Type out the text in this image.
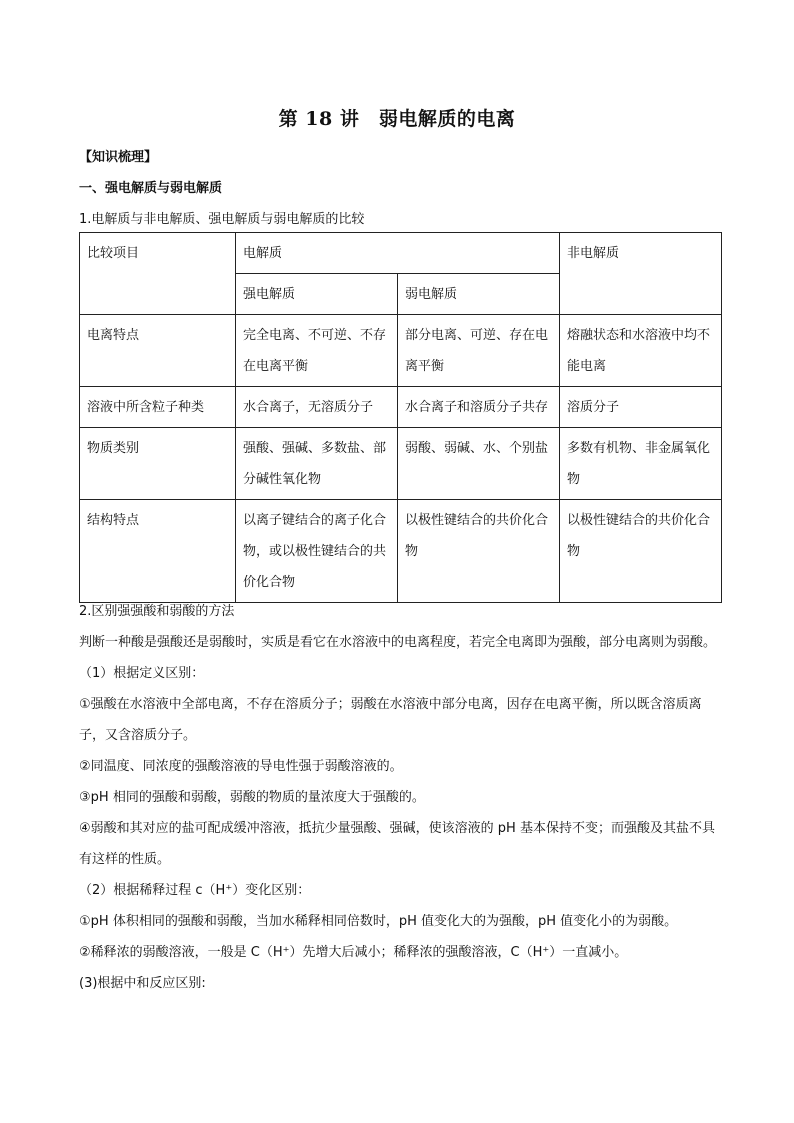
第 18 讲　弱电解质的电离
【知识梳理】
一、强电解质与弱电解质
1.电解质与非电解质、强电解质与弱电解质的比较
比较项目	电解质		非电解质
	强电解质	弱电解质	
电离特点	完全电离、不可逆、不存在电离平衡	部分电离、可逆、存在电离平衡	熔融状态和水溶液中均不能电离
溶液中所含粒子种类	水合离子，无溶质分子	水合离子和溶质分子共存	溶质分子
物质类别	强酸、强碱、多数盐、部分碱性氧化物	弱酸、弱碱、水、个别盐	多数有机物、非金属氧化物
结构特点	以离子键结合的离子化合物，或以极性键结合的共价化合物	以极性键结合的共价化合物	以极性键结合的共价化合物

2.区别强强酸和弱酸的方法

判断一种酸是强酸还是弱酸时，实质是看它在水溶液中的电离程度，若完全电离即为强酸，部分电离则为弱酸。

（1）根据定义区别：

①强酸在水溶液中全部电离，不存在溶质分子；弱酸在水溶液中部分电离，因存在电离平衡，所以既含溶质离子，又含溶质分子。

②同温度、同浓度的强酸溶液的导电性强于弱酸溶液的。

③pH 相同的强酸和弱酸，弱酸的物质的量浓度大于强酸的。

④弱酸和其对应的盐可配成缓冲溶液，抵抗少量强酸、强碱，使该溶液的 pH 基本保持不变；而强酸及其盐不具有这样的性质。

（2）根据稀释过程 c（H⁺）变化区别：

①pH 体积相同的强酸和弱酸，当加水稀释相同倍数时，pH 值变化大的为强酸，pH 值变化小的为弱酸。

②稀释浓的弱酸溶液，一般是 C（H⁺）先增大后减小；稀释浓的强酸溶液，C（H⁺）一直减小。

(3)根据中和反应区别:
